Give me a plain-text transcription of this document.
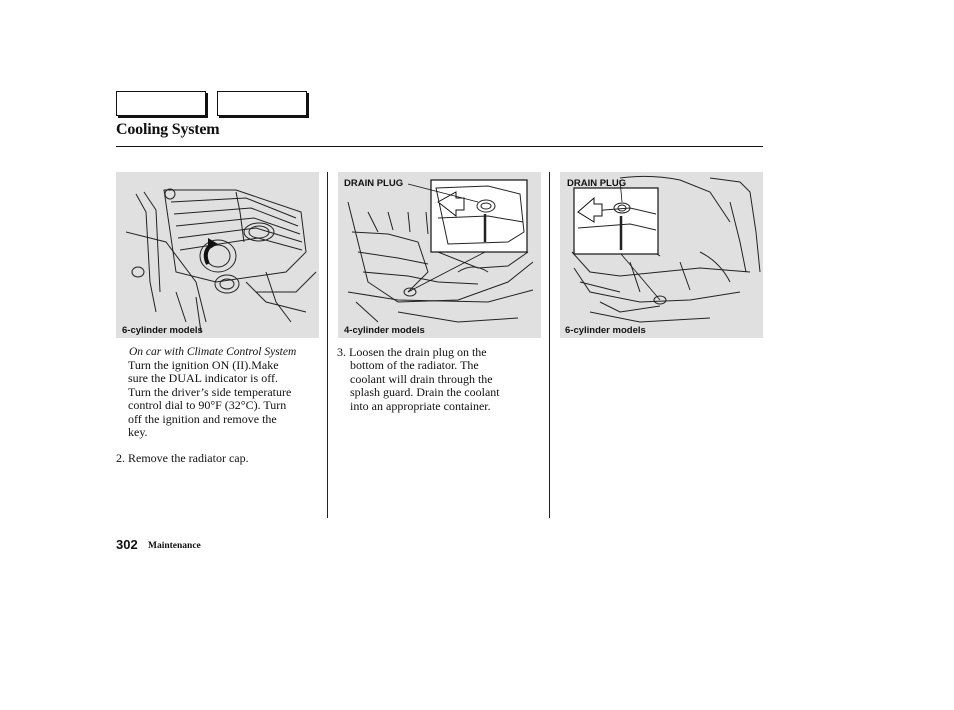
Cooling System
6-cylinder models
DRAIN PLUG
4-cylinder models
DRAIN PLUG
6-cylinder models
On car with Climate Control System
Turn the ignition ON (II).Make
sure the DUAL indicator is off.
Turn the driver’s side temperature
control dial to 90°F (32°C). Turn
off the ignition and remove the
key.
2. Remove the radiator cap.
3. Loosen the drain plug on the
bottom of the radiator. The
coolant will drain through the
splash guard. Drain the coolant
into an appropriate container.
302 Maintenance
